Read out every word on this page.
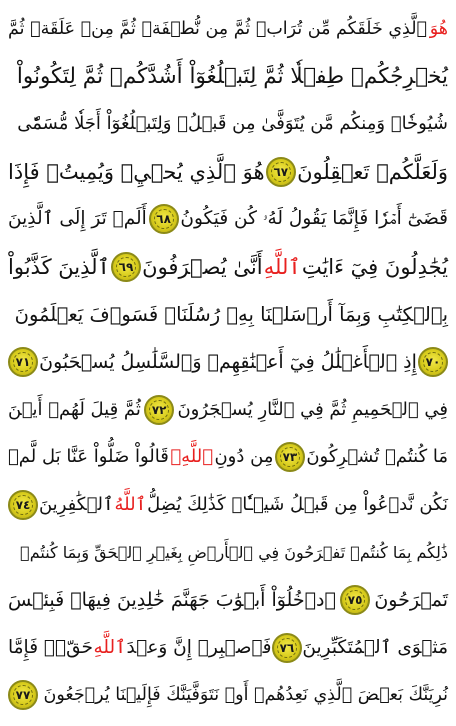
هُوَ
ٱلَّذِي خَلَقَكُم مِّن تُرَابٖ ثُمَّ مِن نُّطۡفَةٖ ثُمَّ مِنۡ عَلَقَةٖ ثُمَّ
يُخۡرِجُكُمۡ طِفۡلٗا ثُمَّ لِتَبۡلُغُوٓاْ أَشُدَّكُمۡ ثُمَّ لِتَكُونُواْ
شُيُوخٗاۚ وَمِنكُم مَّن يُتَوَفَّىٰ مِن قَبۡلُۖ وَلِتَبۡلُغُوٓاْ أَجَلٗا مُّسَمّٗى
وَلَعَلَّكُمۡ تَعۡقِلُونَ
٦٧
هُوَ ٱلَّذِي يُحۡيِۦ وَيُمِيتُۖ فَإِذَا
قَضَىٰٓ أَمۡرٗا فَإِنَّمَا يَقُولُ لَهُۥ كُن فَيَكُونُ
٦٨
أَلَمۡ تَرَ إِلَى ٱلَّذِينَ
يُجَٰدِلُونَ فِيٓ ءَايَٰتِ
ٱللَّهِ
أَنَّىٰ يُصۡرَفُونَ
٦٩
ٱلَّذِينَ كَذَّبُواْ
بِٱلۡكِتَٰبِ وَبِمَآ أَرۡسَلۡنَا بِهِۦ رُسُلَنَاۖ فَسَوۡفَ يَعۡلَمُونَ
٧٠
إِذِ ٱلۡأَغۡلَٰلُ فِيٓ أَعۡنَٰقِهِمۡ وَٱلسَّلَٰسِلُ يُسۡحَبُونَ
٧١
فِي ٱلۡحَمِيمِ ثُمَّ فِي ٱلنَّارِ يُسۡجَرُونَ
٧٢
ثُمَّ قِيلَ لَهُمۡ أَيۡنَ
مَا كُنتُمۡ تُشۡرِكُونَ
٧٣
مِن دُونِ
ٱللَّهِۖ
قَالُواْ ضَلُّواْ عَنَّا بَل لَّمۡ
نَكُن نَّدۡعُواْ مِن قَبۡلُ شَيۡـٔٗاۚ كَذَٰلِكَ يُضِلُّ
ٱللَّهُ
ٱلۡكَٰفِرِينَ
٧٤
ذَٰلِكُم بِمَا كُنتُمۡ تَفۡرَحُونَ فِي ٱلۡأَرۡضِ بِغَيۡرِ ٱلۡحَقِّ وَبِمَا كُنتُمۡ
تَمۡرَحُونَ
٧٥
ٱدۡخُلُوٓاْ أَبۡوَٰبَ جَهَنَّمَ خَٰلِدِينَ فِيهَاۖ فَبِئۡسَ
مَثۡوَى ٱلۡمُتَكَبِّرِينَ
٧٦
فَٱصۡبِرۡ إِنَّ وَعۡدَ
ٱللَّهِ
حَقّٞۚ فَإِمَّا
نُرِيَنَّكَ بَعۡضَ ٱلَّذِي نَعِدُهُمۡ أَوۡ نَتَوَفَّيَنَّكَ فَإِلَيۡنَا يُرۡجَعُونَ
٧٧
